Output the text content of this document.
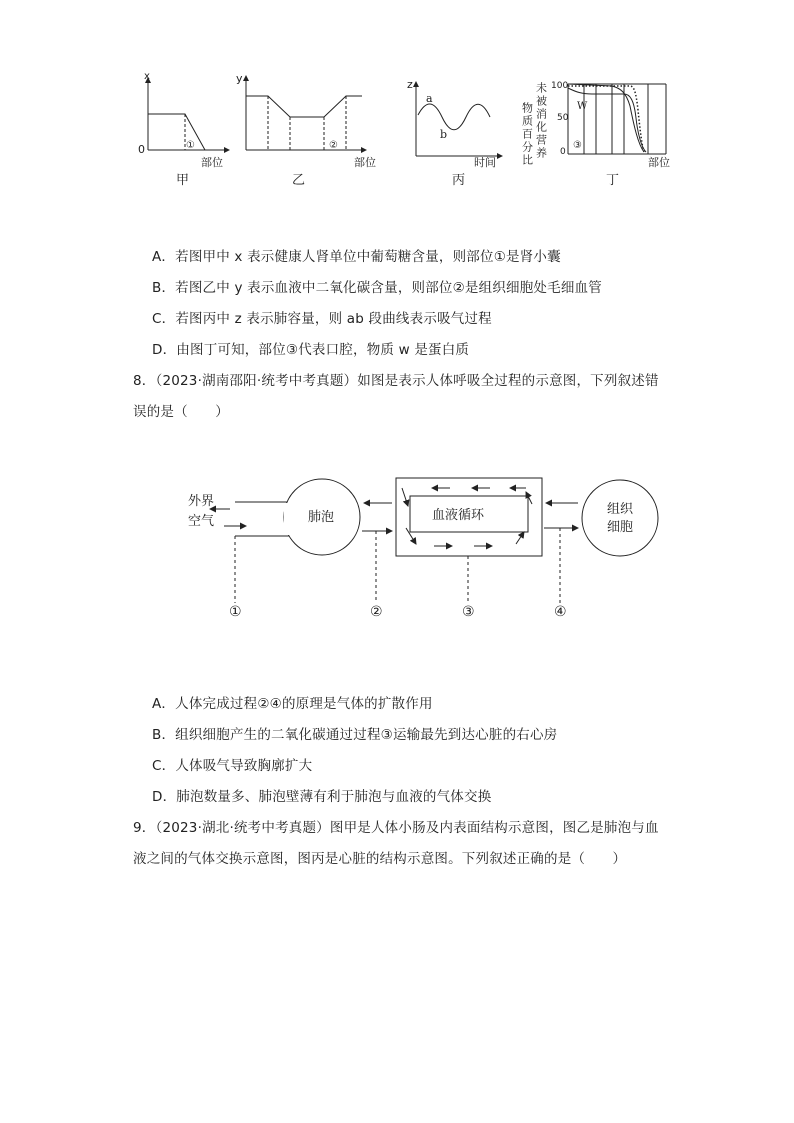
x
0	①
部位
甲
y
②
部位
乙
z
a
b
时间
丙
物质百分比 未被消化营养 100
50
0
W
③
部位
丁
A．若图甲中 x 表示健康人肾单位中葡萄糖含量，则部位①是肾小囊
B．若图乙中 y 表示血液中二氧化碳含量，则部位②是组织细胞处毛细血管
C．若图丙中 z 表示肺容量，则 ab 段曲线表示吸气过程
D．由图丁可知，部位③代表口腔，物质 w 是蛋白质
8．（2023·湖南邵阳·统考中考真题）如图是表示人体呼吸全过程的示意图，下列叙述错
误的是（　　）
外界
空气	肺泡	血液循环	组织
细胞
①	②	③	④
A．人体完成过程②④的原理是气体的扩散作用
B．组织细胞产生的二氧化碳通过过程③运输最先到达心脏的右心房
C．人体吸气导致胸廓扩大
D．肺泡数量多、肺泡壁薄有利于肺泡与血液的气体交换
9．（2023·湖北·统考中考真题）图甲是人体小肠及内表面结构示意图，图乙是肺泡与血
液之间的气体交换示意图，图丙是心脏的结构示意图。下列叙述正确的是（　　）
